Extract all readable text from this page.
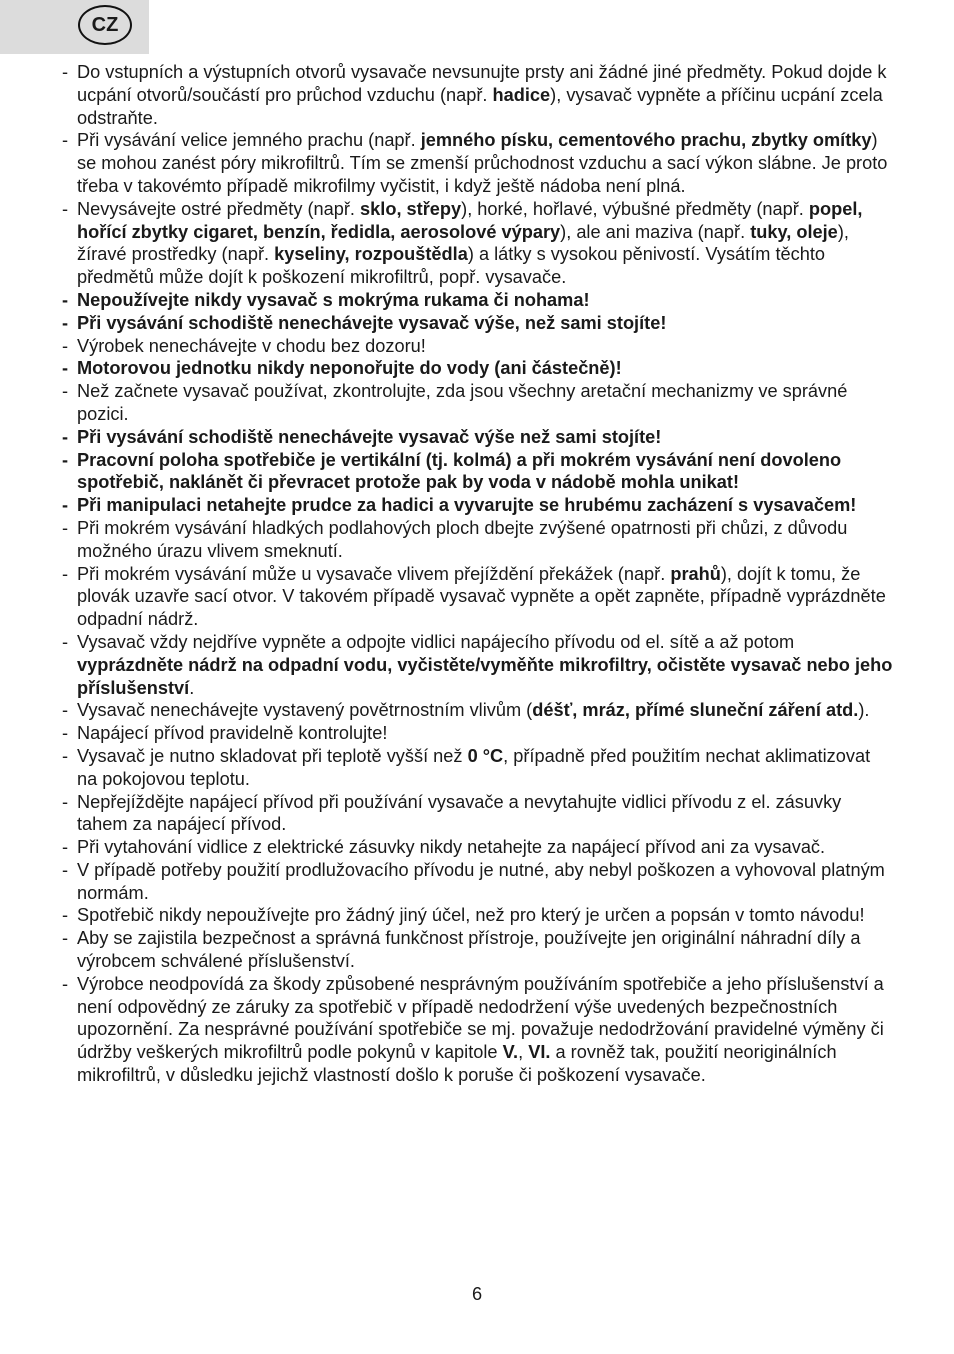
CZ
- Do vstupních a výstupních otvorů vysavače nevsunujte prsty ani žádné jiné předměty. Pokud dojde k ucpání otvorů/součástí pro průchod vzduchu (např. hadice), vysavač vypněte a příčinu ucpání zcela odstraňte.
- Při vysávání velice jemného prachu (např. jemného písku, cementového prachu, zbytky omítky) se mohou zanést póry mikrofiltrů. Tím se zmenší průchodnost vzduchu a sací výkon slábne. Je proto třeba v takovémto případě mikrofilmy vyčistit, i když ještě nádoba není plná.
- Nevysávejte ostré předměty (např. sklo, střepy), horké, hořlavé, výbušné předměty (např. popel, hořící zbytky cigaret, benzín, ředidla, aerosolové výpary), ale ani maziva (např. tuky, oleje), žíravé prostředky (např. kyseliny, rozpouštědla) a látky s vysokou pěnivostí. Vysátím těchto předmětů může dojít k poškození mikrofiltrů, popř. vysavače.
- Nepoužívejte nikdy vysavač s mokrýma rukama či nohama!
- Při vysávání schodiště nenechávejte vysavač výše, než sami stojíte!
- Výrobek nenechávejte v chodu bez dozoru!
- Motorovou jednotku nikdy neponořujte do vody (ani částečně)!
- Než začnete vysavač používat, zkontrolujte, zda jsou všechny aretační mechanizmy ve správné pozici.
- Při vysávání schodiště nenechávejte vysavač výše než sami stojíte!
- Pracovní poloha spotřebiče je vertikální (tj. kolmá) a při mokrém vysávání není dovoleno spotřebič, naklánět či převracet protože pak by voda v nádobě mohla unikat!
- Při manipulaci netahejte prudce za hadici a vyvarujte se hrubému zacházení s vysavačem!
- Při mokrém vysávání hladkých podlahových ploch dbejte zvýšené opatrnosti při chůzi, z důvodu možného úrazu vlivem smeknutí.
- Při mokrém vysávání může u vysavače vlivem přejíždění překážek (např. prahů), dojít k tomu, že plovák uzavře sací otvor. V takovém případě vysavač vypněte a opět zapněte, případně vyprázdněte odpadní nádrž.
- Vysavač vždy nejdříve vypněte a odpojte vidlici napájecího přívodu od el. sítě a až potom vyprázdněte nádrž na odpadní vodu, vyčistěte/vyměňte mikrofiltry, očistěte vysavač nebo jeho příslušenství.
- Vysavač nenechávejte vystavený povětrnostním vlivům (déšť, mráz, přímé sluneční záření atd.).
- Napájecí přívod pravidelně kontrolujte!
- Vysavač je nutno skladovat při teplotě vyšší než 0 °C, případně před použitím nechat aklimatizovat na pokojovou teplotu.
- Nepřejíždějte napájecí přívod při používání vysavače a nevytahujte vidlici přívodu z el. zásuvky tahem za napájecí přívod.
- Při vytahování vidlice z elektrické zásuvky nikdy netahejte za napájecí přívod ani za vysavač.
- V případě potřeby použití prodlužovacího přívodu je nutné, aby nebyl poškozen a vyhovoval platným normám.
- Spotřebič nikdy nepoužívejte pro žádný jiný účel, než pro který je určen a popsán v tomto návodu!
- Aby se zajistila bezpečnost a správná funkčnost přístroje, používejte jen originální náhradní díly a výrobcem schválené příslušenství.
- Výrobce neodpovídá za škody způsobené nesprávným používáním spotřebiče a jeho příslušenství a není odpovědný ze záruky za spotřebič v případě nedodržení výše uvedených bezpečnostních upozornění. Za nesprávné používání spotřebiče se mj. považuje nedodržování pravidelné výměny či údržby veškerých mikrofiltrů podle pokynů v kapitole V., VI. a rovněž tak, použití neoriginálních mikrofiltrů, v důsledku jejichž vlastností došlo k poruše či poškození vysavače.
6
